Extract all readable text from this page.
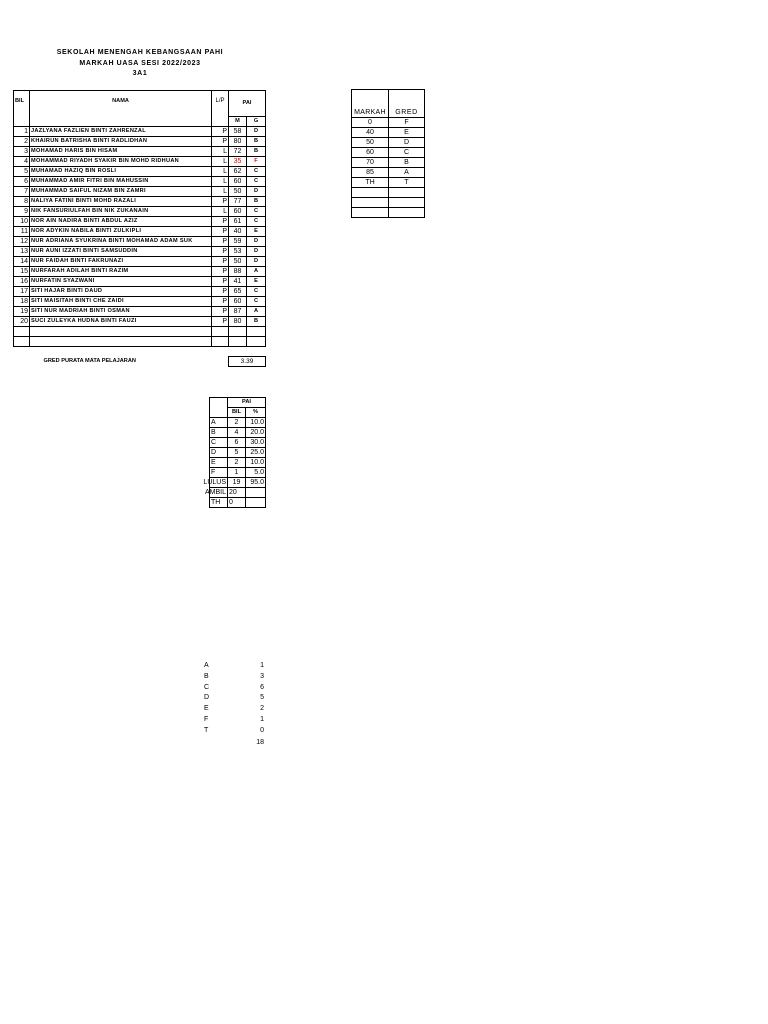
SEKOLAH MENENGAH KEBANGSAAN PAHI
MARKAH UASA SESI 2022/2023
3A1
BIL	NAMA	L/P	PAI	
			M	G
1	JAZLYANA FAZLIEN BINTI ZAHRENZAL	P	58	D
2	KHAIRUN BATRISHA BINTI RADLIDHAN	P	80	B
3	MOHAMAD HARIS BIN HISAM	L	72	B
4	MOHAMMAD RIYADH SYAKIR BIN MOHD RIDHUAN	L	35	F
5	MUHAMAD HAZIQ BIN ROSLI	L	62	C
6	MUHAMMAD AMIR FITRI BIN MAHUSSIN	L	60	C
7	MUHAMMAD SAIFUL NIZAM BIN ZAMRI	L	50	D
8	NALIYA FATINI BINTI MOHD RAZALI	P	77	B
9	NIK FANSURIULFAH BIN NIK ZUKANAIN	L	60	C
10	NOR AIN NADIRA BINTI ABDUL AZIZ	P	61	C
11	NOR ADYKIN NABILA BINTI ZULKIPLI	P	40	E
12	NUR ADRIANA SYUKRINA BINTI MOHAMAD ADAM SUK	P	59	D
13	NUR AUNI IZZATI BINTI SAMSUDDIN	P	53	D
14	NUR FAIDAH BINTI FAKRUNAZI	P	50	D
15	NURFARAH ADILAH BINTI RAZIM	P	88	A
16	NURFATIN SYAZWANI	P	41	E
17	SITI HAJAR BINTI DAUD	P	65	C
18	SITI MAISITAH BINTI CHE ZAIDI	P	60	C
19	SITI NUR MADRIAH BINTI OSMAN	P	87	A
20	SUCI ZULEYKA HUDNA BINTI FAUZI	P	80	B

	GRED PURATA MATA PELAJARAN		3.39	
MARKAH	GRED
0	F
40	E
50	D
60	C
70	B
85	A
TH	T

	PAI	
	BIL	%
A	2	10.0
B	4	20.0
C	6	30.0
D	5	25.0
E	2	10.0
F	1	5.0
LULUS	19	95.0
AMBIL	20	
TH	0	
A	1
B	3
C	6
D	5
E	2
F	1
T	0
18
